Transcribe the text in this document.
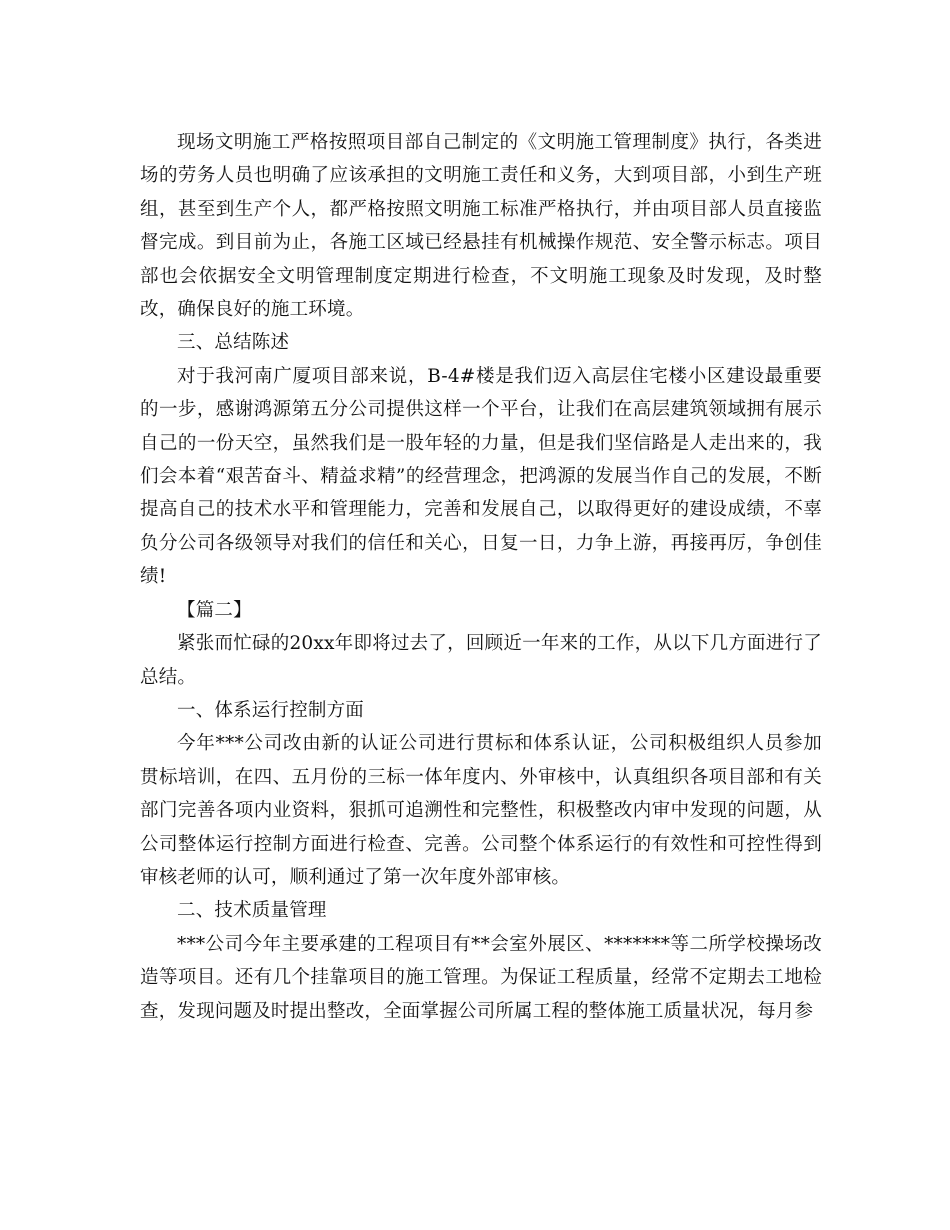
现场文明施工严格按照项目部自己制定的《文明施工管理制度》执行，各类进场的劳务人员也明确了应该承担的文明施工责任和义务，大到项目部，小到生产班组，甚至到生产个人，都严格按照文明施工标准严格执行，并由项目部人员直接监督完成。到目前为止，各施工区域已经悬挂有机械操作规范、安全警示标志。项目部也会依据安全文明管理制度定期进行检查，不文明施工现象及时发现，及时整改，确保良好的施工环境。

三、总结陈述

对于我河南广厦项目部来说，B-4#楼是我们迈入高层住宅楼小区建设最重要的一步，感谢鸿源第五分公司提供这样一个平台，让我们在高层建筑领域拥有展示自己的一份天空，虽然我们是一股年轻的力量，但是我们坚信路是人走出来的，我们会本着“艰苦奋斗、精益求精”的经营理念，把鸿源的发展当作自己的发展，不断提高自己的技术水平和管理能力，完善和发展自己，以取得更好的建设成绩，不辜负分公司各级领导对我们的信任和关心，日复一日，力争上游，再接再厉，争创佳绩!

【篇二】

紧张而忙碌的20xx年即将过去了，回顾近一年来的工作，从以下几方面进行了总结。

一、体系运行控制方面

今年***公司改由新的认证公司进行贯标和体系认证，公司积极组织人员参加贯标培训，在四、五月份的三标一体年度内、外审核中，认真组织各项目部和有关部门完善各项内业资料，狠抓可追溯性和完整性，积极整改内审中发现的问题，从公司整体运行控制方面进行检查、完善。公司整个体系运行的有效性和可控性得到审核老师的认可，顺利通过了第一次年度外部审核。

二、技术质量管理

***公司今年主要承建的工程项目有**会室外展区、*******等二所学校操场改造等项目。还有几个挂靠项目的施工管理。为保证工程质量，经常不定期去工地检查，发现问题及时提出整改，全面掌握公司所属工程的整体施工质量状况，每月参
